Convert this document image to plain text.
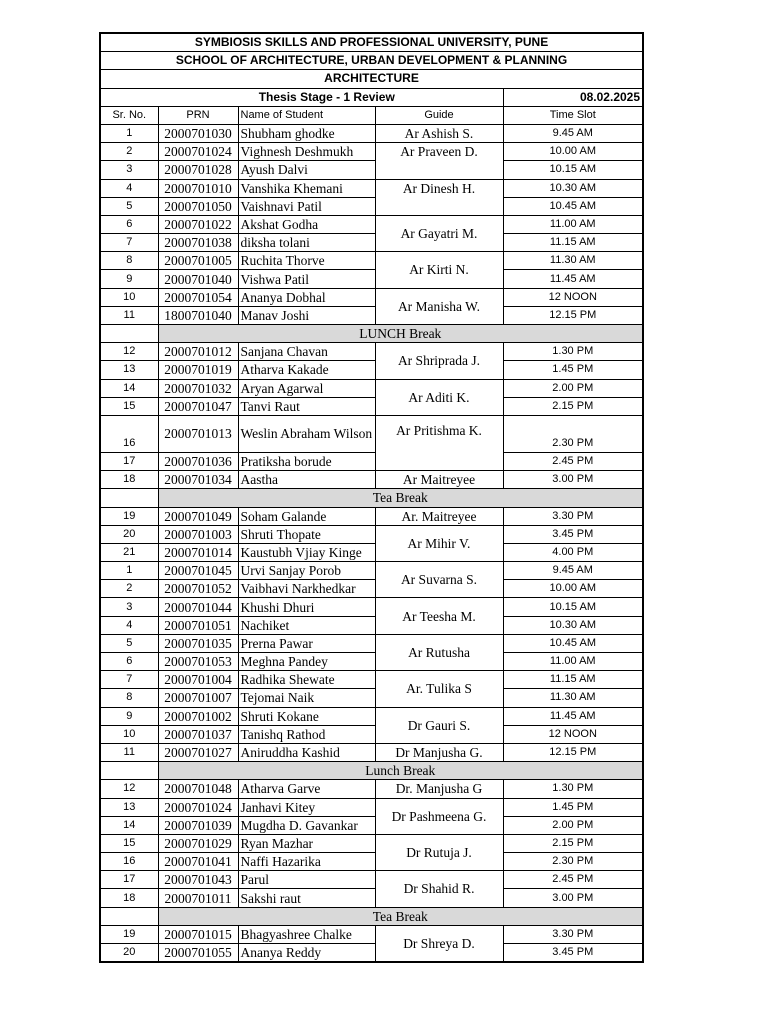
SYMBIOSIS SKILLS AND PROFESSIONAL UNIVERSITY, PUNE				
SCHOOL OF ARCHITECTURE, URBAN DEVELOPMENT & PLANNING				
ARCHITECTURE				
Thesis Stage - 1 Review				08.02.2025
Sr. No.	PRN	Name of Student	Guide	Time Slot
1	2000701030	Shubham ghodke	Ar Ashish S.	9.45 AM
2	2000701024	Vighnesh Deshmukh	Ar Praveen D.	10.00 AM
3	2000701028	Ayush Dalvi		10.15 AM
4	2000701010	Vanshika Khemani	Ar Dinesh H.	10.30 AM
5	2000701050	Vaishnavi Patil		10.45 AM
6	2000701022	Akshat Godha	Ar Gayatri M.	11.00 AM
7	2000701038	diksha tolani		11.15 AM
8	2000701005	Ruchita Thorve	Ar Kirti N.	11.30 AM
9	2000701040	Vishwa Patil		11.45 AM
10	2000701054	Ananya Dobhal	Ar Manisha W.	12 NOON
11	1800701040	Manav Joshi		12.15 PM
	LUNCH Break			
12	2000701012	Sanjana Chavan	Ar Shriprada J.	1.30 PM
13	2000701019	Atharva Kakade		1.45 PM
14	2000701032	Aryan Agarwal	Ar Aditi K.	2.00 PM
15	2000701047	Tanvi Raut		2.15 PM
16	2000701013	Weslin Abraham Wilson	Ar Pritishma K.	2.30 PM
17	2000701036	Pratiksha borude		2.45 PM
18	2000701034	Aastha	Ar Maitreyee	3.00 PM
	Tea Break			
19	2000701049	Soham Galande	Ar. Maitreyee	3.30 PM
20	2000701003	Shruti Thopate	Ar Mihir V.	3.45 PM
21	2000701014	Kaustubh Vjiay Kinge		4.00 PM
1	2000701045	Urvi Sanjay Porob	Ar Suvarna S.	9.45 AM
2	2000701052	Vaibhavi Narkhedkar		10.00 AM
3	2000701044	Khushi Dhuri	Ar Teesha M.	10.15 AM
4	2000701051	Nachiket		10.30 AM
5	2000701035	Prerna Pawar	Ar Rutusha	10.45 AM
6	2000701053	Meghna Pandey		11.00 AM
7	2000701004	Radhika Shewate	Ar. Tulika S	11.15 AM
8	2000701007	Tejomai Naik		11.30 AM
9	2000701002	Shruti Kokane	Dr Gauri S.	11.45 AM
10	2000701037	Tanishq Rathod		12 NOON
11	2000701027	Aniruddha Kashid	Dr Manjusha G.	12.15 PM
	Lunch Break			
12	2000701048	Atharva Garve	Dr. Manjusha G	1.30 PM
13	2000701024	Janhavi Kitey	Dr Pashmeena G.	1.45 PM
14	2000701039	Mugdha D. Gavankar		2.00 PM
15	2000701029	Ryan Mazhar	Dr Rutuja J.	2.15 PM
16	2000701041	Naffi Hazarika		2.30 PM
17	2000701043	Parul	Dr Shahid R.	2.45 PM
18	2000701011	Sakshi raut		3.00 PM
	Tea Break			
19	2000701015	Bhagyashree Chalke	Dr Shreya D.	3.30 PM
20	2000701055	Ananya Reddy		3.45 PM
